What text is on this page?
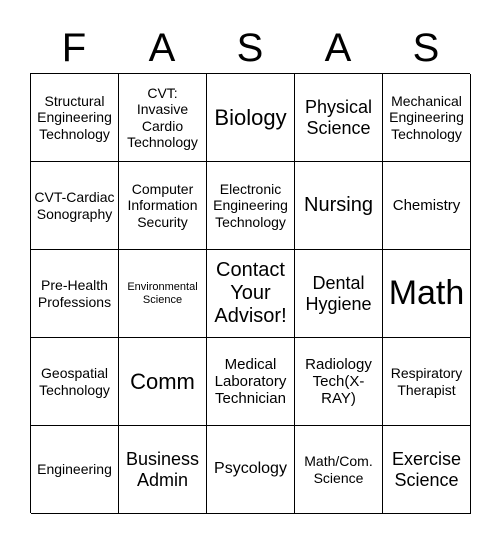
F	A	S	A	S
Structural Engineering Technology
CVT: Invasive Cardio Technology
Biology	Physical Science
Mechanical Engineering Technology
CVT-Cardiac Sonography
Computer Information Security
Electronic Engineering Technology
Nursing	Chemistry
Pre-Health Professions
Environmental Science
Contact Your Advisor!
Dental Hygiene Math
Geospatial Technology Comm
Medical Laboratory Technician
Radiology Tech(X-RAY)
Respiratory Therapist
Engineering
Business Admin
Psycology	Math/Com. Science
Exercise Science
